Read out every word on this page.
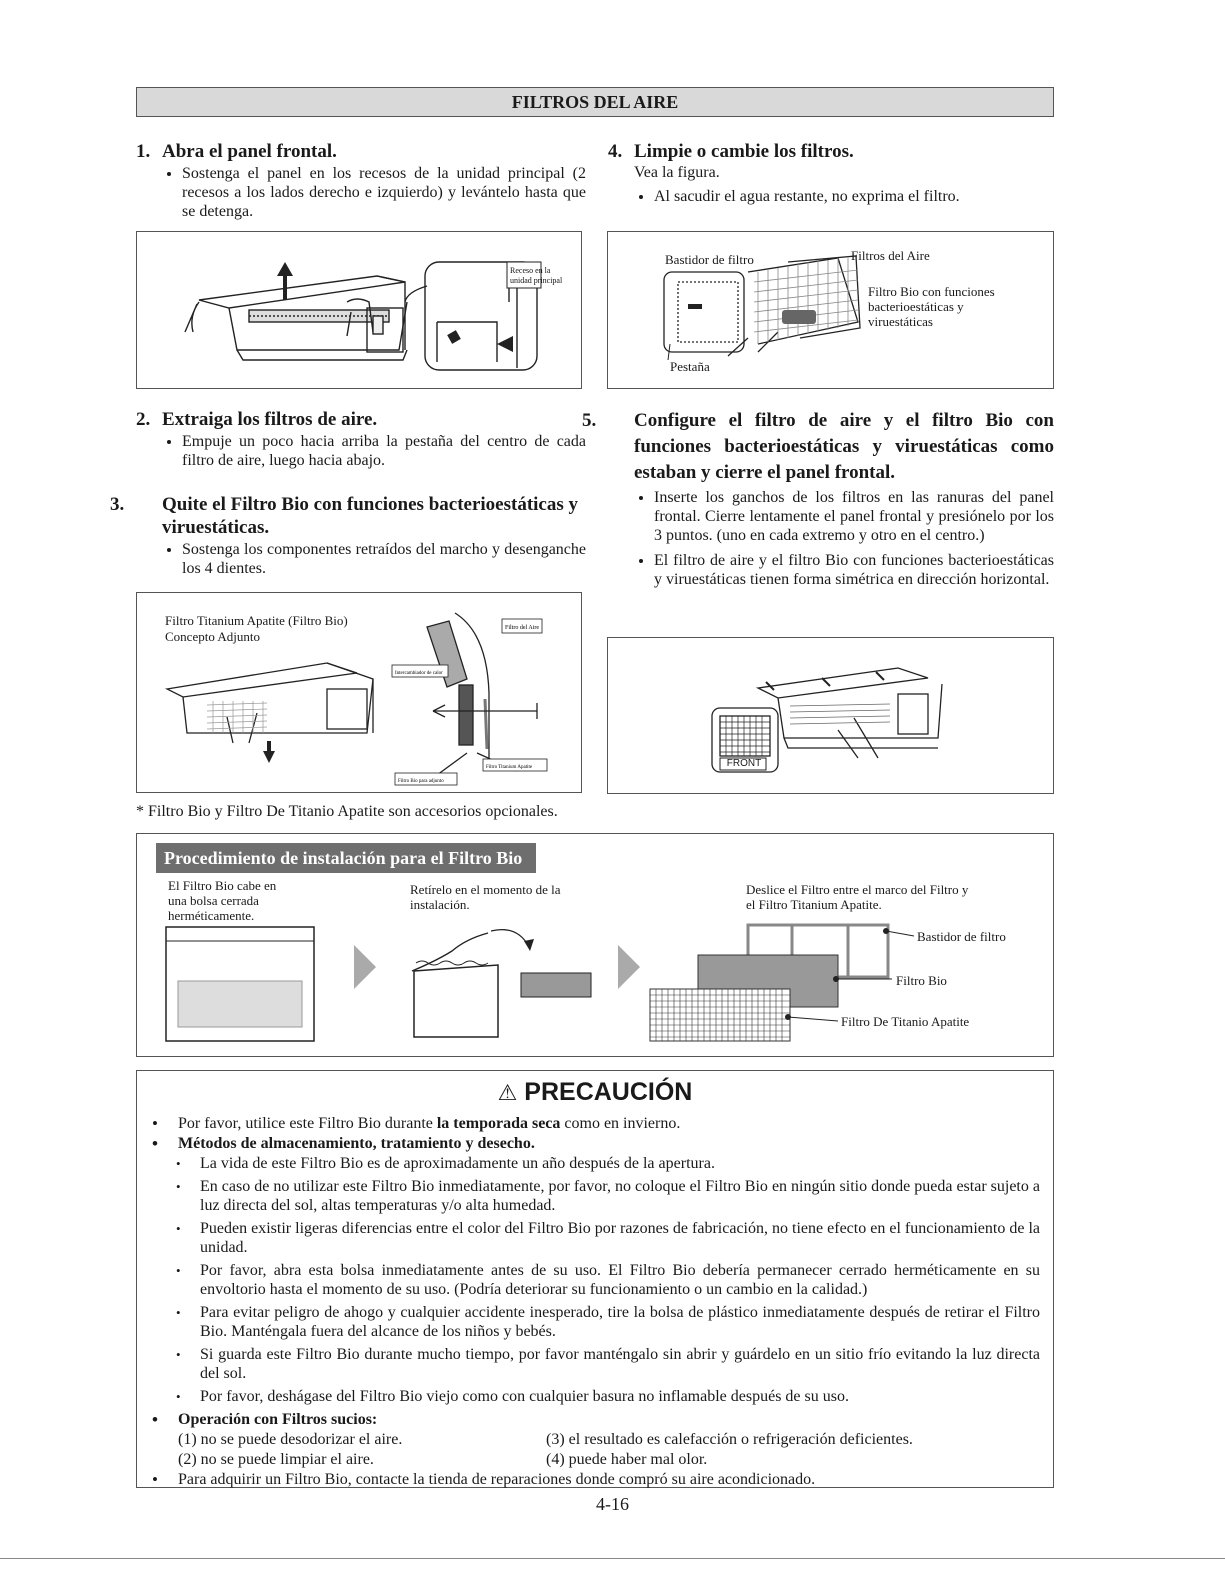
FILTROS DEL AIRE
1. Abra el panel frontal.
• Sostenga el panel en los recesos de la unidad principal (2 recesos a los lados derecho e izquierdo) y levántelo hasta que se detenga.
Receso en la
unidad principal
4. Limpie o cambie los filtros.
Vea la figura.
• Al sacudir el agua restante, no exprima el filtro.
Bastidor de filtro	Filtros del Aire
Filtro Bio con funciones bacterioestáticas y viruestáticas
Pestaña
2. Extraiga los filtros de aire.
• Empuje un poco hacia arriba la pestaña del centro de cada filtro de aire, luego hacia abajo.
3. Quite el Filtro Bio con funciones bacterioestáticas y viruestáticas.
• Sostenga los componentes retraídos del marcho y desenganche los 4 dientes.
Filtro Titanium Apatite (Filtro Bio)
Concepto Adjunto
Filtro del Aire
Intercambiador de calor
Filtro Titanium Apatite
Filtro Bio para adjunto
5. Configure el filtro de aire y el filtro Bio con funciones bacterioestáticas y viruestáticas como estaban y cierre el panel frontal.
• Inserte los ganchos de los filtros en las ranuras del panel frontal. Cierre lentamente el panel frontal y presiónelo por los 3 puntos. (uno en cada extremo y otro en el centro.)
• El filtro de aire y el filtro Bio con funciones bacterioestáticas y viruestáticas tienen forma simétrica en dirección horizontal.
FRONT
* Filtro Bio y Filtro De Titanio Apatite son accesorios opcionales.
Procedimiento de instalación para el Filtro Bio
El Filtro Bio cabe en una bolsa cerrada herméticamente.
Retírelo en el momento de la instalación.
Deslice el Filtro entre el marco del Filtro y el Filtro Titanium Apatite.
Bastidor de filtro
Filtro Bio
Filtro De Titanio Apatite
⚠ PRECAUCIÓN
• Por favor, utilice este Filtro Bio durante la temporada seca como en invierno.
• Métodos de almacenamiento, tratamiento y desecho.
• La vida de este Filtro Bio es de aproximadamente un año después de la apertura.
• En caso de no utilizar este Filtro Bio inmediatamente, por favor, no coloque el Filtro Bio en ningún sitio donde pueda estar sujeto a luz directa del sol, altas temperaturas y/o alta humedad.
• Pueden existir ligeras diferencias entre el color del Filtro Bio por razones de fabricación, no tiene efecto en el funcionamiento de la unidad.
• Por favor, abra esta bolsa inmediatamente antes de su uso. El Filtro Bio debería permanecer cerrado herméticamente en su envoltorio hasta el momento de su uso. (Podría deteriorar su funcionamiento o un cambio en la calidad.)
• Para evitar peligro de ahogo y cualquier accidente inesperado, tire la bolsa de plástico inmediatamente después de retirar el Filtro Bio. Manténgala fuera del alcance de los niños y bebés.
• Si guarda este Filtro Bio durante mucho tiempo, por favor manténgalo sin abrir y guárdelo en un sitio frío evitando la luz directa del sol.
• Por favor, deshágase del Filtro Bio viejo como con cualquier basura no inflamable después de su uso.
• Operación con Filtros sucios:
(1) no se puede desodorizar el aire.	(3) el resultado es calefacción o refrigeración deficientes.
(2) no se puede limpiar el aire.	(4) puede haber mal olor.
• Para adquirir un Filtro Bio, contacte la tienda de reparaciones donde compró su aire acondicionado.
4-16
